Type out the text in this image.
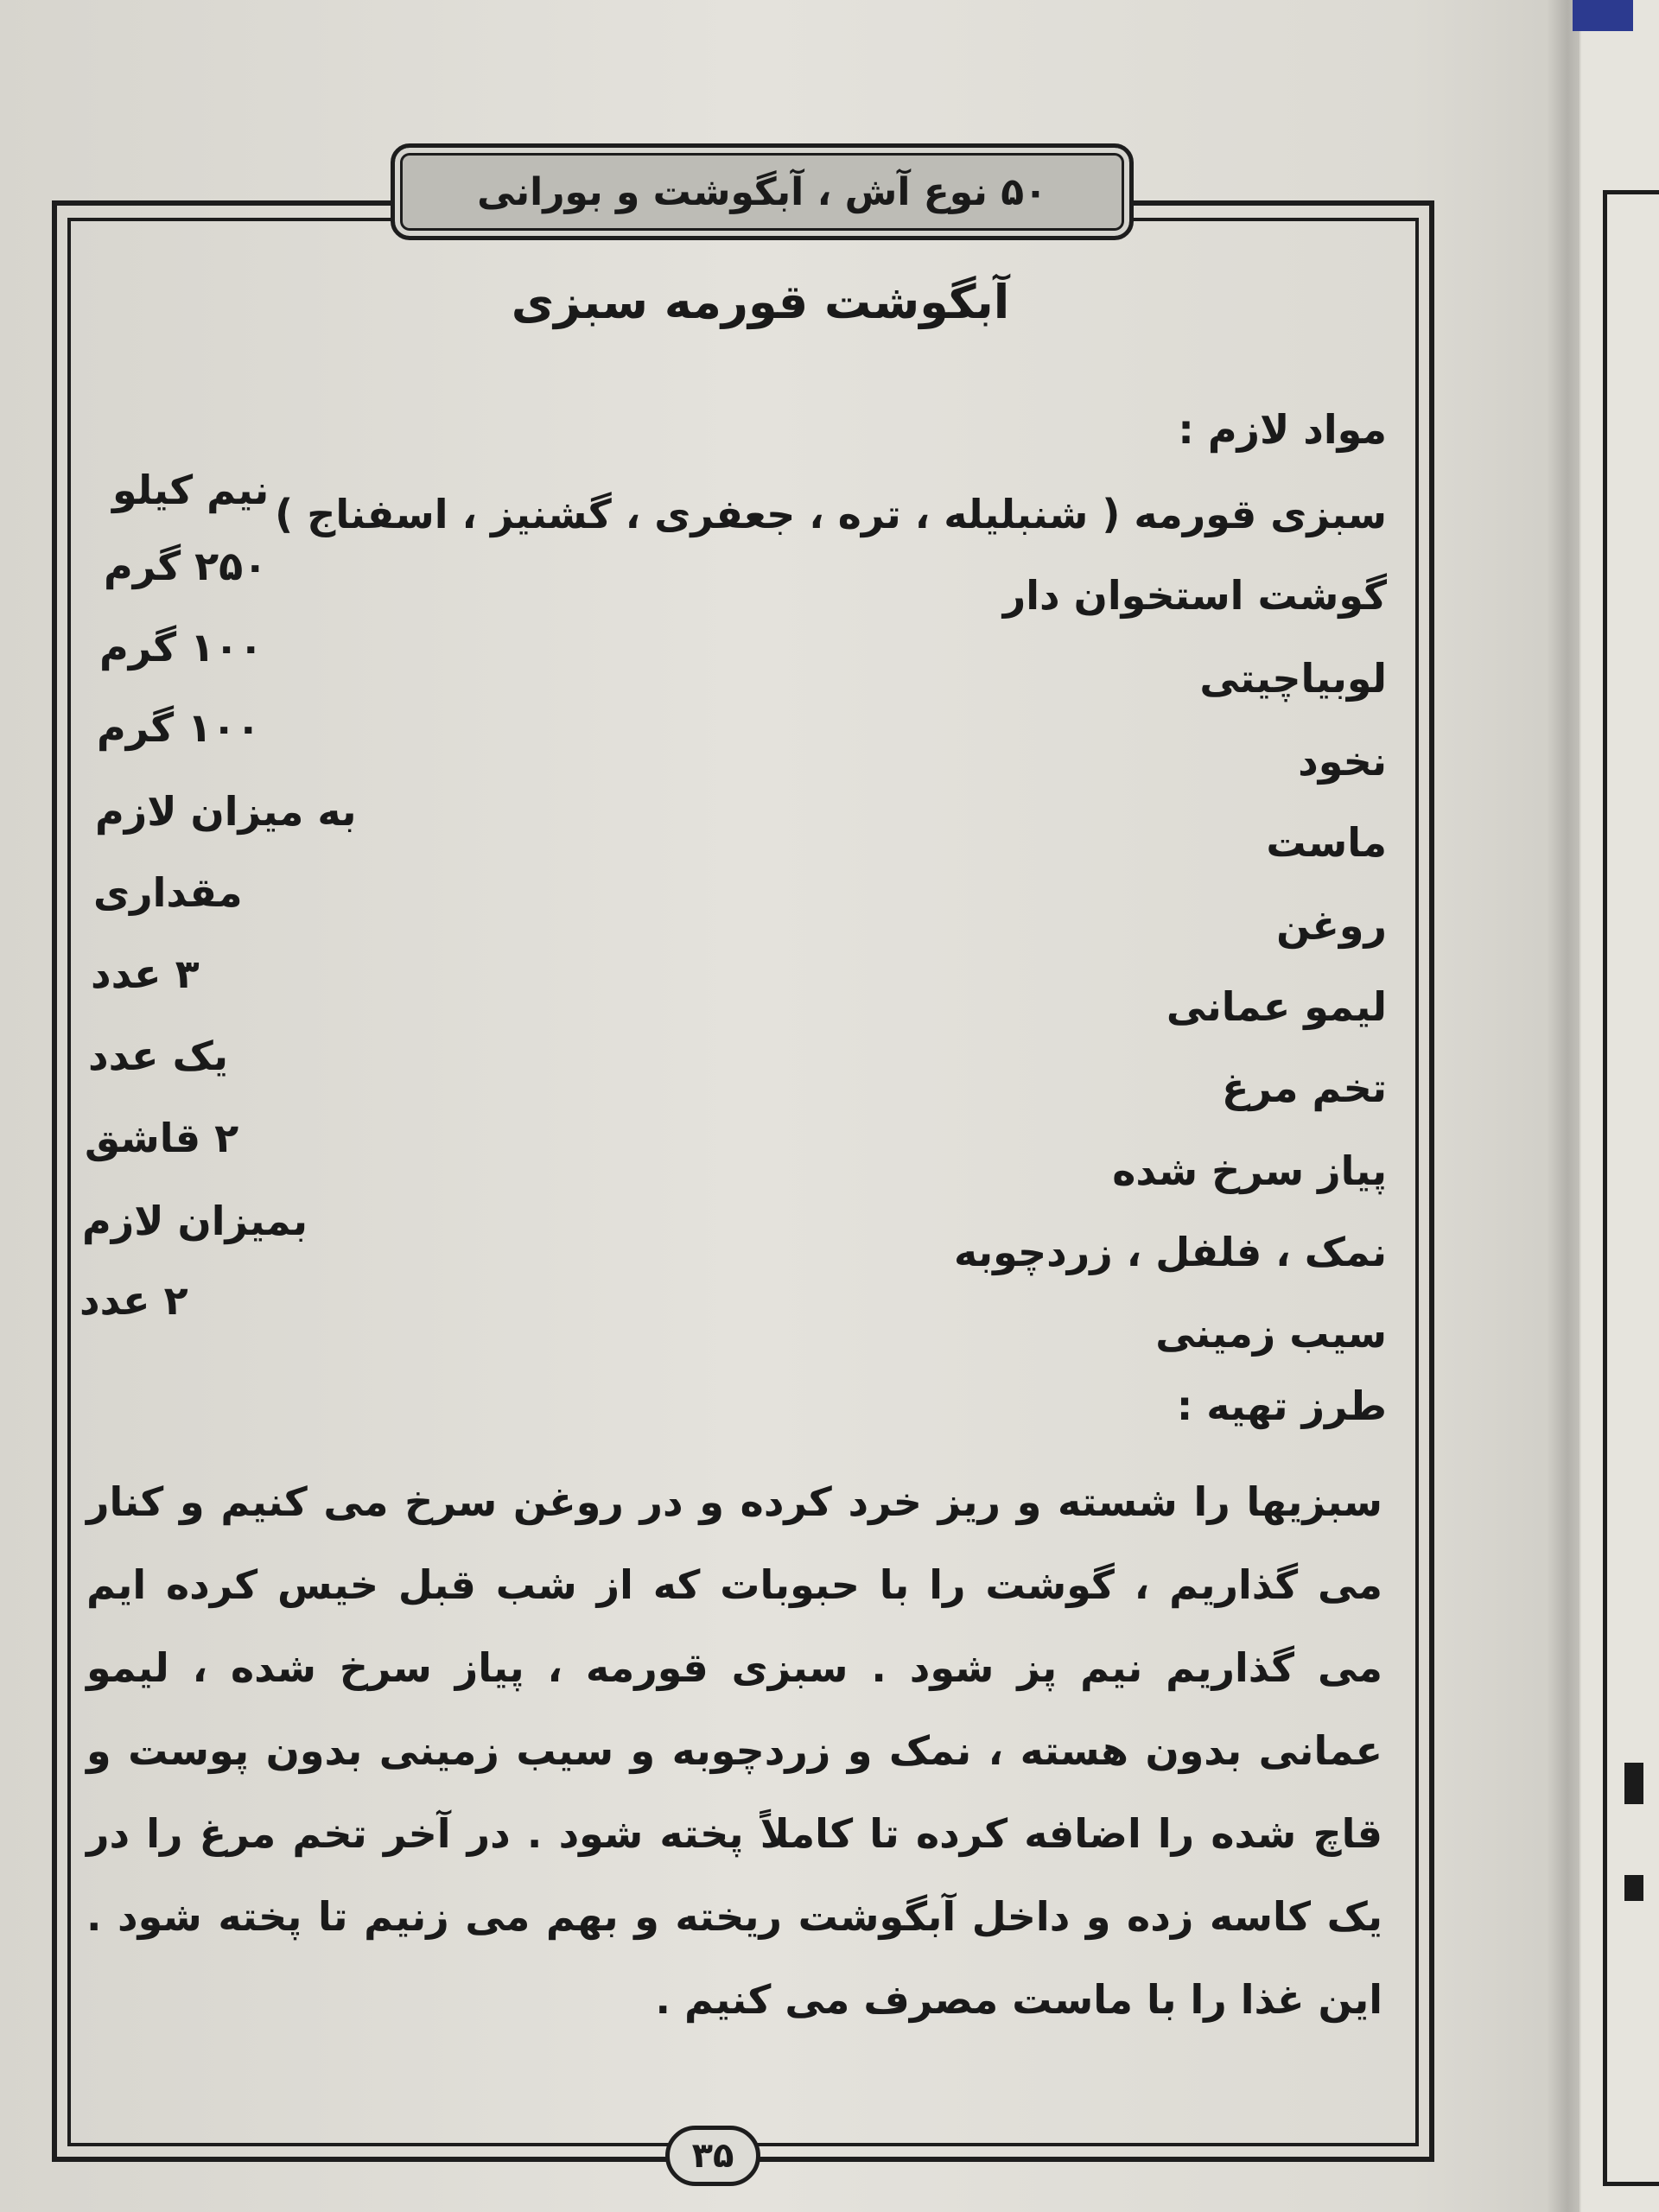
۵۰ نوع آش ، آبگوشت و بورانی
آبگوشت قورمه سبزی
مواد لازم :
سبزی قورمه ( شنبلیله ، تره ، جعفری ، گشنیز ، اسفناج )
نیم کیلو
گوشت استخوان دار
۲۵۰ گرم
لوبیاچیتی
۱۰۰ گرم
نخود
۱۰۰ گرم
ماست
به میزان لازم
روغن
مقداری
لیمو عمانی
۳ عدد
تخم مرغ
یک عدد
پیاز سرخ شده
۲ قاشق
نمک ، فلفل ، زردچوبه
بمیزان لازم
سیب زمینی
۲ عدد
طرز تهیه :
سبزیها را شسته و ریز خرد کرده و در روغن سرخ می کنیم و کنار می گذاریم ، گوشت را با حبوبات که از شب قبل خیس کرده ایم می گذاریم نیم پز شود . سبزی قورمه ، پیاز سرخ شده ، لیمو عمانی بدون هسته ، نمک و زردچوبه و سیب زمینی بدون پوست و قاچ شده را اضافه کرده تا کاملاً پخته شود . در آخر تخم مرغ را در یک کاسه زده و داخل آبگوشت ریخته و بهم می زنیم تا پخته شود . این غذا را با ماست مصرف می کنیم .
۳۵
